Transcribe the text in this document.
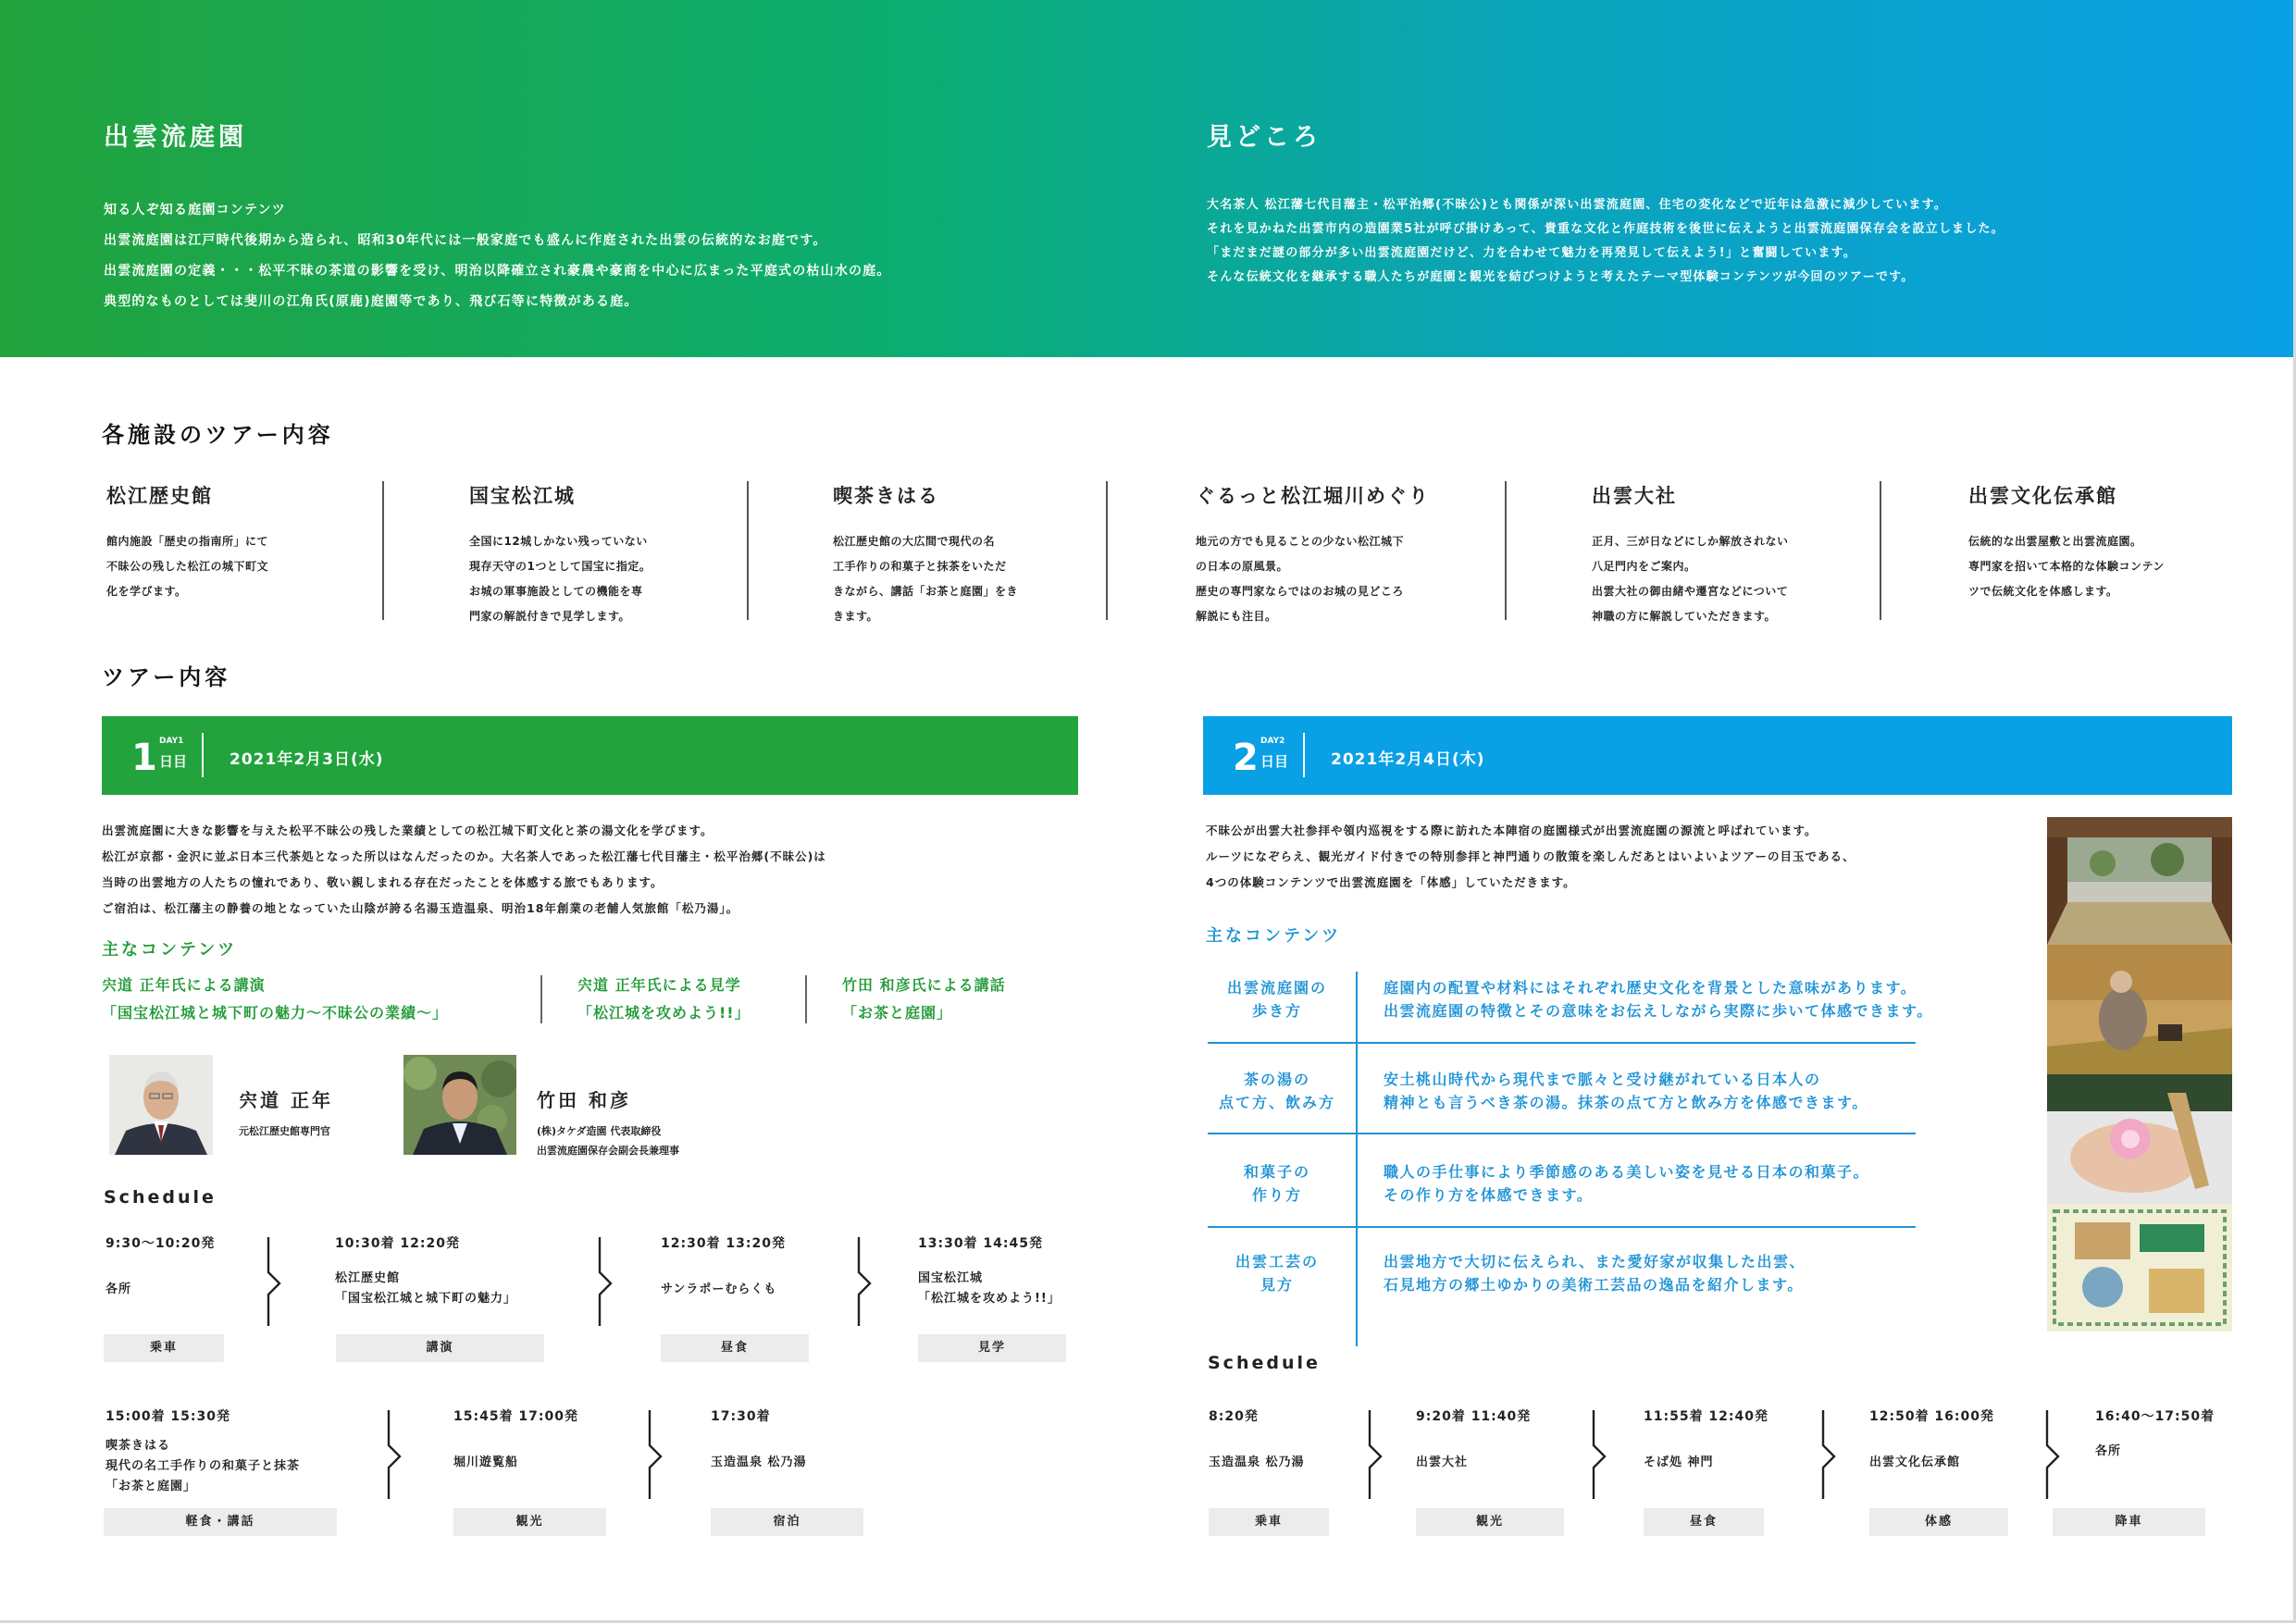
出雲流庭園
知る人ぞ知る庭園コンテンツ
出雲流庭園は江戸時代後期から造られ、昭和30年代には一般家庭でも盛んに作庭された出雲の伝統的なお庭です。
出雲流庭園の定義・・・松平不昧の茶道の影響を受け、明治以降確立され豪農や豪商を中心に広まった平庭式の枯山水の庭。
典型的なものとしては斐川の江角氏(原鹿)庭園等であり、飛び石等に特徴がある庭。
見どころ
大名茶人 松江藩七代目藩主・松平治郷(不昧公)とも関係が深い出雲流庭園、住宅の変化などで近年は急激に減少しています。
それを見かねた出雲市内の造園業5社が呼び掛けあって、貴重な文化と作庭技術を後世に伝えようと出雲流庭園保存会を設立しました。
「まだまだ謎の部分が多い出雲流庭園だけど、力を合わせて魅力を再発見して伝えよう!」と奮闘しています。
そんな伝統文化を継承する職人たちが庭園と観光を結びつけようと考えたテーマ型体験コンテンツが今回のツアーです。
各施設のツアー内容
松江歴史館
館内施設「歴史の指南所」にて
不昧公の残した松江の城下町文
化を学びます。
国宝松江城
全国に12城しかない残っていない
現存天守の1つとして国宝に指定。
お城の軍事施設としての機能を専
門家の解説付きで見学します。
喫茶きはる
松江歴史館の大広間で現代の名
工手作りの和菓子と抹茶をいただ
きながら、講話「お茶と庭園」をき
きます。
ぐるっと松江堀川めぐり
地元の方でも見ることの少ない松江城下
の日本の原風景。
歴史の専門家ならではのお城の見どころ
解説にも注目。
出雲大社
正月、三が日などにしか解放されない
八足門内をご案内。
出雲大社の御由緒や遷宮などについて
神職の方に解説していただきます。
出雲文化伝承館
伝統的な出雲屋敷と出雲流庭園。
専門家を招いて本格的な体験コンテン
ツで伝統文化を体感します。
ツアー内容
1 DAY1
日目	2021年2月3日(水)
出雲流庭園に大きな影響を与えた松平不昧公の残した業績としての松江城下町文化と茶の湯文化を学びます。
松江が京都・金沢に並ぶ日本三代茶処となった所以はなんだったのか。大名茶人であった松江藩七代目藩主・松平治郷(不昧公)は
当時の出雲地方の人たちの憧れであり、敬い親しまれる存在だったことを体感する旅でもあります。
ご宿泊は、松江藩主の静養の地となっていた山陰が誇る名湯玉造温泉、明治18年創業の老舗人気旅館「松乃湯」。
主なコンテンツ
宍道 正年氏による講演
「国宝松江城と城下町の魅力～不昧公の業績～」
宍道 正年氏による見学
「松江城を攻めよう!!」
竹田 和彦氏による講話
「お茶と庭園」
宍道 正年
元松江歴史館専門官
竹田 和彦
(株)タケダ造園 代表取締役
出雲流庭園保存会副会長兼理事
Schedule
9:30～10:20発
各所
乗車
10:30着 12:20発
松江歴史館
「国宝松江城と城下町の魅力」
講演
12:30着 13:20発
サンラポーむらくも
昼食
13:30着 14:45発
国宝松江城
「松江城を攻めよう!!」
見学
15:00着 15:30発
喫茶きはる
現代の名工手作りの和菓子と抹茶
「お茶と庭園」
軽食・講話
15:45着 17:00発
堀川遊覧船
観光
17:30着
玉造温泉 松乃湯
宿泊
2 DAY2
日目	2021年2月4日(木)
不昧公が出雲大社参拝や領内巡視をする際に訪れた本陣宿の庭園様式が出雲流庭園の源流と呼ばれています。
ルーツになぞらえ、観光ガイド付きでの特別参拝と神門通りの散策を楽しんだあとはいよいよツアーの目玉である、
4つの体験コンテンツで出雲流庭園を「体感」していただきます。
主なコンテンツ
出雲流庭園の
歩き方
庭園内の配置や材料にはそれぞれ歴史文化を背景とした意味があります。
出雲流庭園の特徴とその意味をお伝えしながら実際に歩いて体感できます。
茶の湯の
点て方、飲み方
安土桃山時代から現代まで脈々と受け継がれている日本人の
精神とも言うべき茶の湯。抹茶の点て方と飲み方を体感できます。
和菓子の
作り方
職人の手仕事により季節感のある美しい姿を見せる日本の和菓子。
その作り方を体感できます。
出雲工芸の
見方
出雲地方で大切に伝えられ、また愛好家が収集した出雲、
石見地方の郷土ゆかりの美術工芸品の逸品を紹介します。
Schedule
8:20発
玉造温泉 松乃湯
乗車
9:20着 11:40発
出雲大社
観光
11:55着 12:40発
そば処 神門
昼食
12:50着 16:00発
出雲文化伝承館
体感
16:40～17:50着
各所
降車
